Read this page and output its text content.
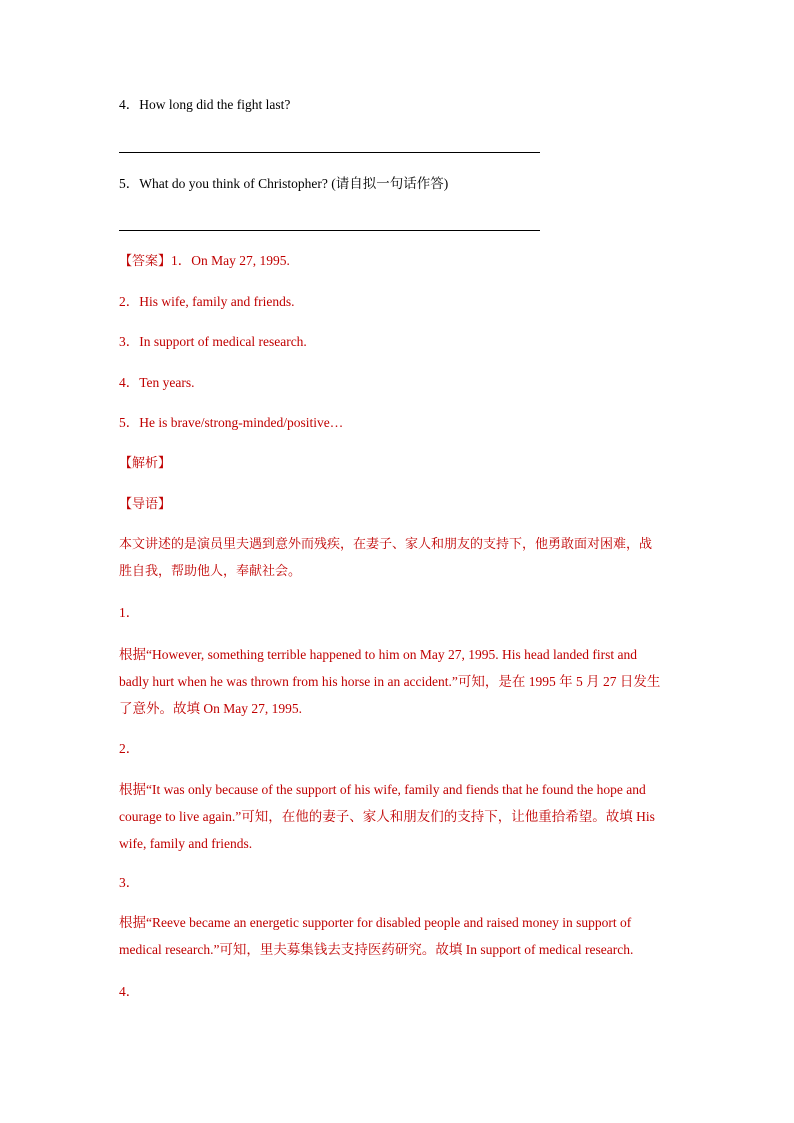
4．How long did the fight last?
5．What do you think of Christopher? (请自拟一句话作答)
【答案】1．On May 27, 1995.
2．His wife, family and friends.
3．In support of medical research.
4．Ten years.
5．He is brave/strong-minded/positive…
【解析】
【导语】
本文讲述的是演员里夫遇到意外而残疾，在妻子、家人和朋友的支持下，他勇敢面对困难，战胜自我，帮助他人，奉献社会。
1．
根据“However, something terrible happened to him on May 27, 1995. His head landed first and badly hurt when he was thrown from his horse in an accident.”可知，是在 1995 年 5 月 27 日发生了意外。故填 On May 27, 1995.
2．
根据“It was only because of the support of his wife, family and fiends that he found the hope and courage to live again.”可知，在他的妻子、家人和朋友们的支持下，让他重拾希望。故填 His wife, family and friends.
3．
根据“Reeve became an energetic supporter for disabled people and raised money in support of medical research.”可知，里夫募集钱去支持医药研究。故填 In support of medical research.
4．
